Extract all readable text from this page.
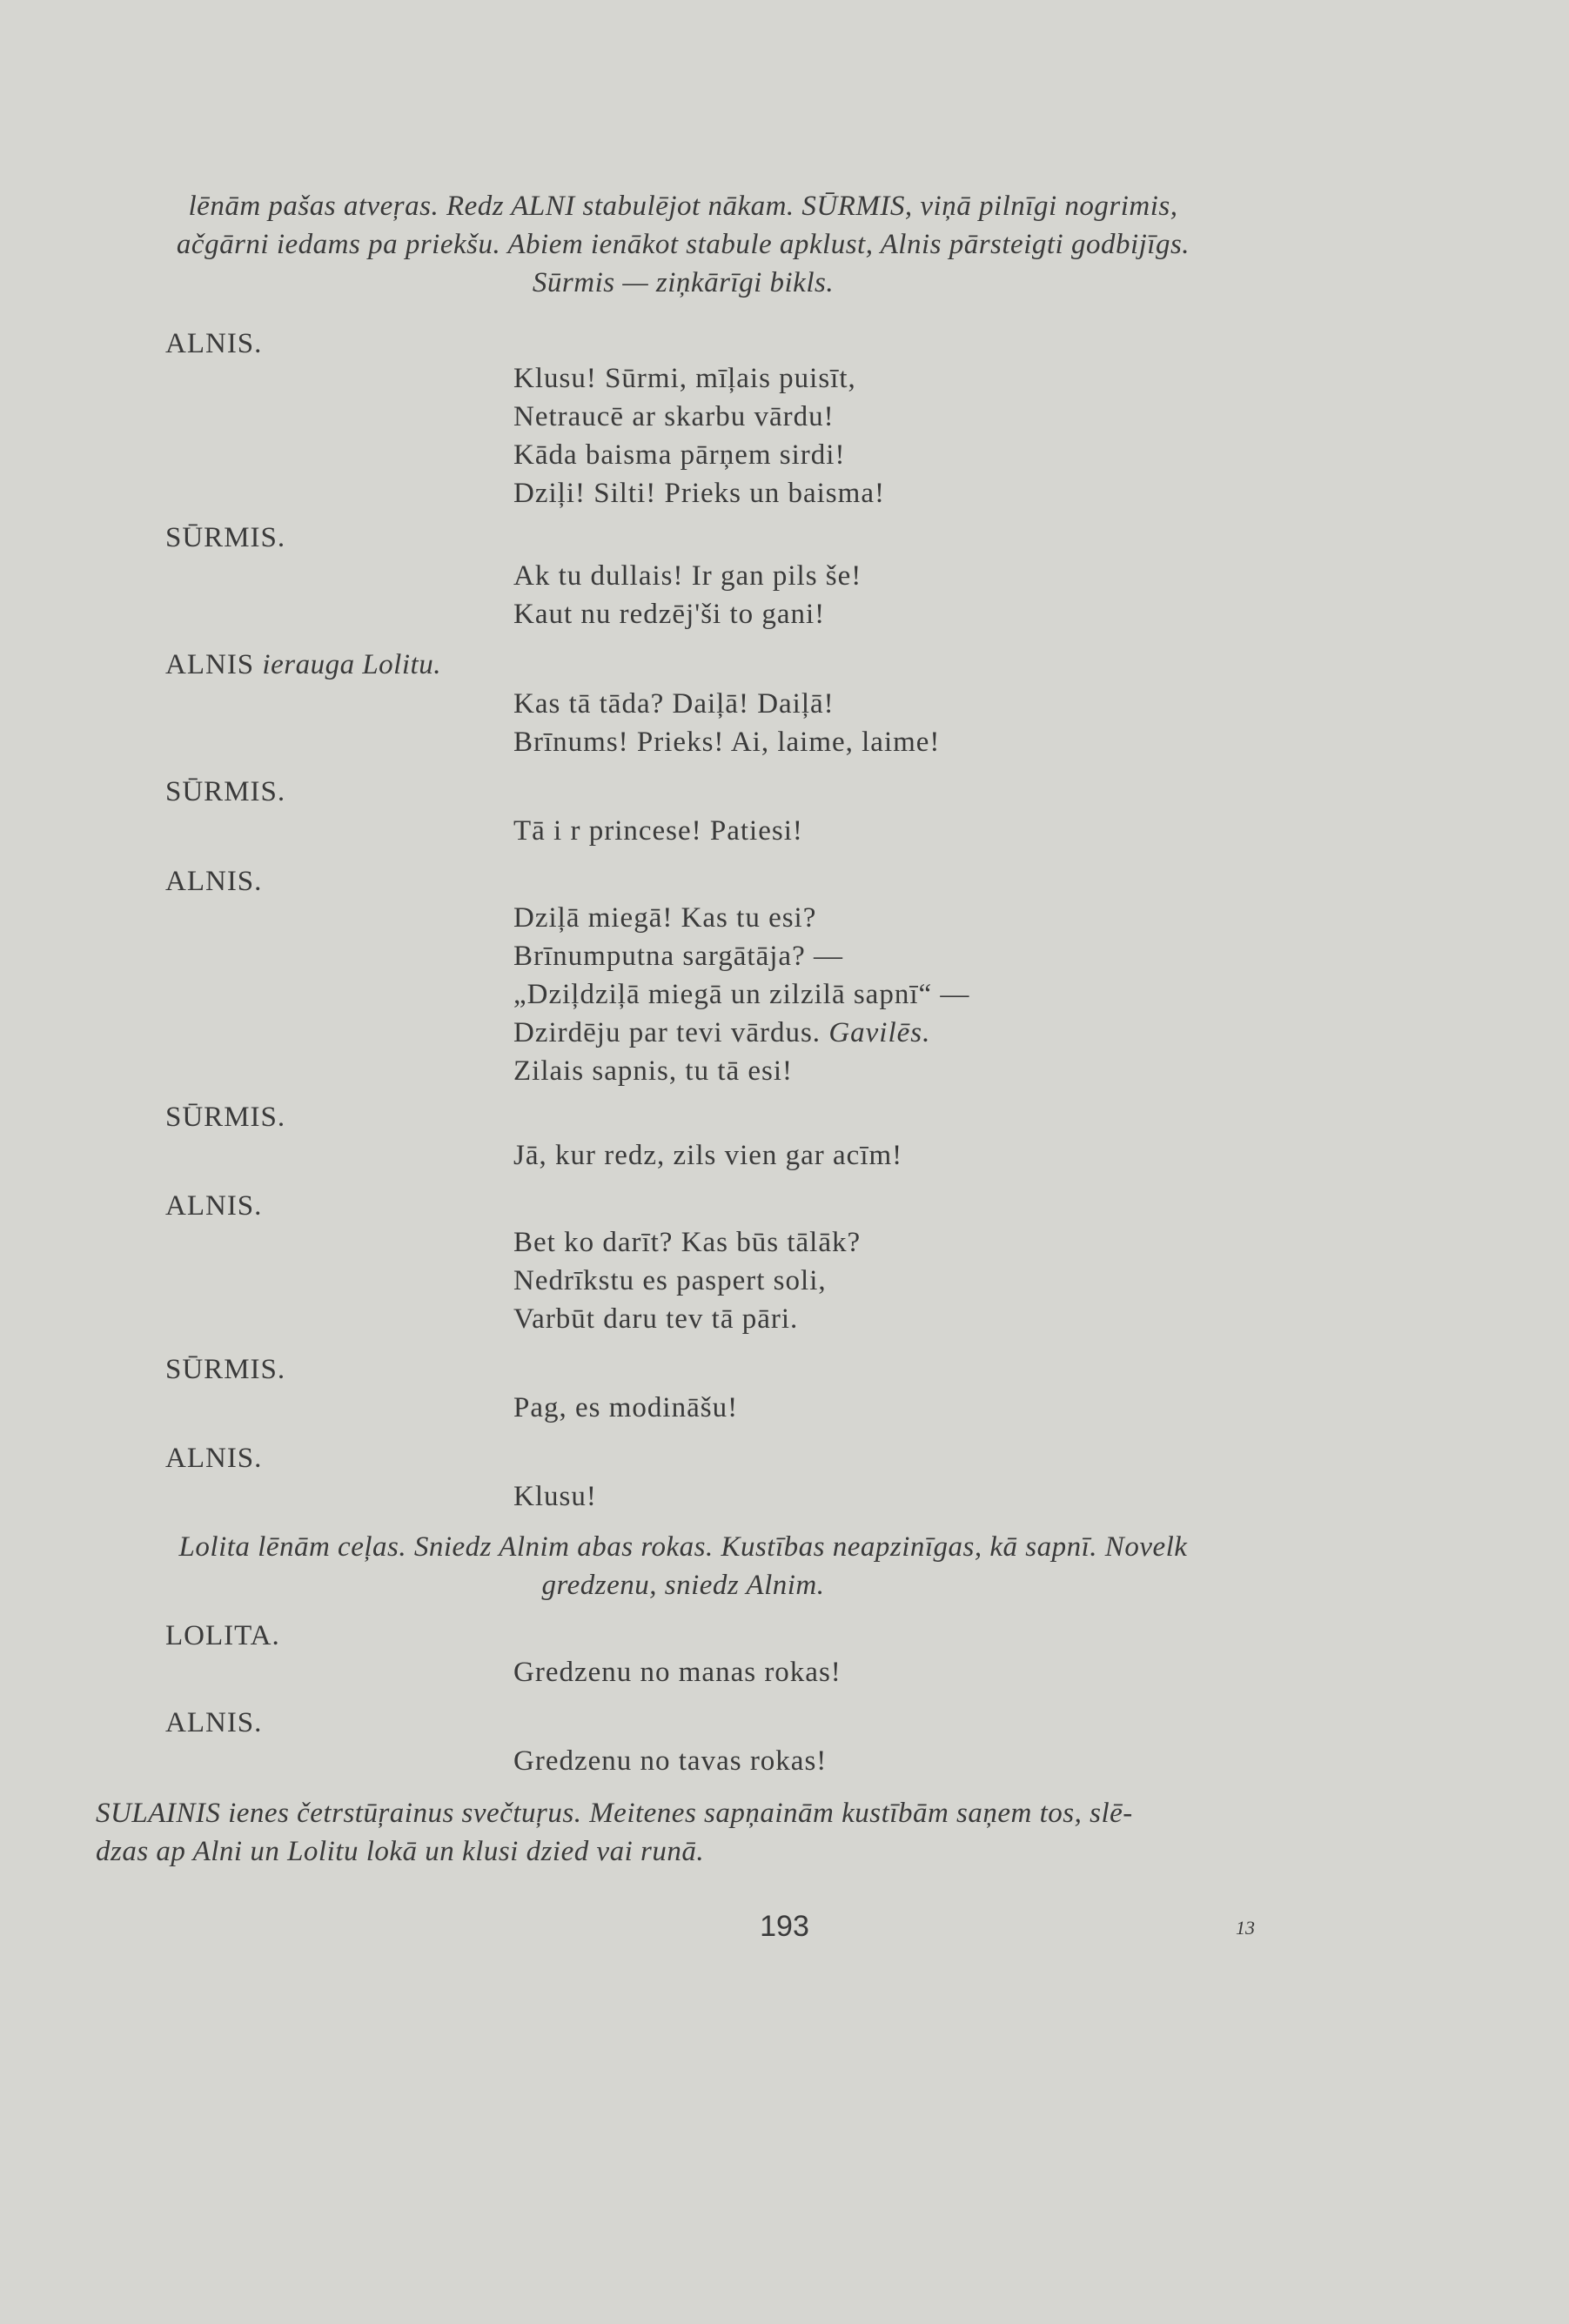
lēnām pašas atveŗas. Redz ALNI stabulējot nākam. SŪRMIS, viņā pilnīgi nogrimis,
ačgārni iedams pa priekšu. Abiem ienākot stabule apklust, Alnis pārsteigti godbijīgs.
Sūrmis — ziņkārīgi bikls.
ALNIS.
Klusu! Sūrmi, mīļais puisīt,
Netraucē ar skarbu vārdu!
Kāda baisma pārņem sirdi!
Dziļi! Silti! Prieks un baisma!
SŪRMIS.
Ak tu dullais! Ir gan pils še!
Kaut nu redzēj'ši to gani!
ALNIS ierauga Lolitu.
Kas tā tāda? Daiļā! Daiļā!
Brīnums! Prieks! Ai, laime, laime!
SŪRMIS.
Tā i r princese! Patiesi!
ALNIS.
Dziļā miegā! Kas tu esi?
Brīnumputna sargātāja? —
„Dziļdziļā miegā un zilzilā sapnī“ —
Dzirdēju par tevi vārdus. Gavilēs.
Zilais sapnis, tu tā esi!
SŪRMIS.
Jā, kur redz, zils vien gar acīm!
ALNIS.
Bet ko darīt? Kas būs tālāk?
Nedrīkstu es paspert soli,
Varbūt daru tev tā pāri.
SŪRMIS.
Pag, es modināšu!
ALNIS.
Klusu!
Lolita lēnām ceļas. Sniedz Alnim abas rokas. Kustības neapzinīgas, kā sapnī. Novelk
gredzenu, sniedz Alnim.
LOLITA.
Gredzenu no manas rokas!
ALNIS.
Gredzenu no tavas rokas!
SULAINIS ienes četrstūŗainus svečtuŗus. Meitenes sapņainām kustībām saņem tos, slē-
dzas ap Alni un Lolitu lokā un klusi dzied vai runā.
193	13
